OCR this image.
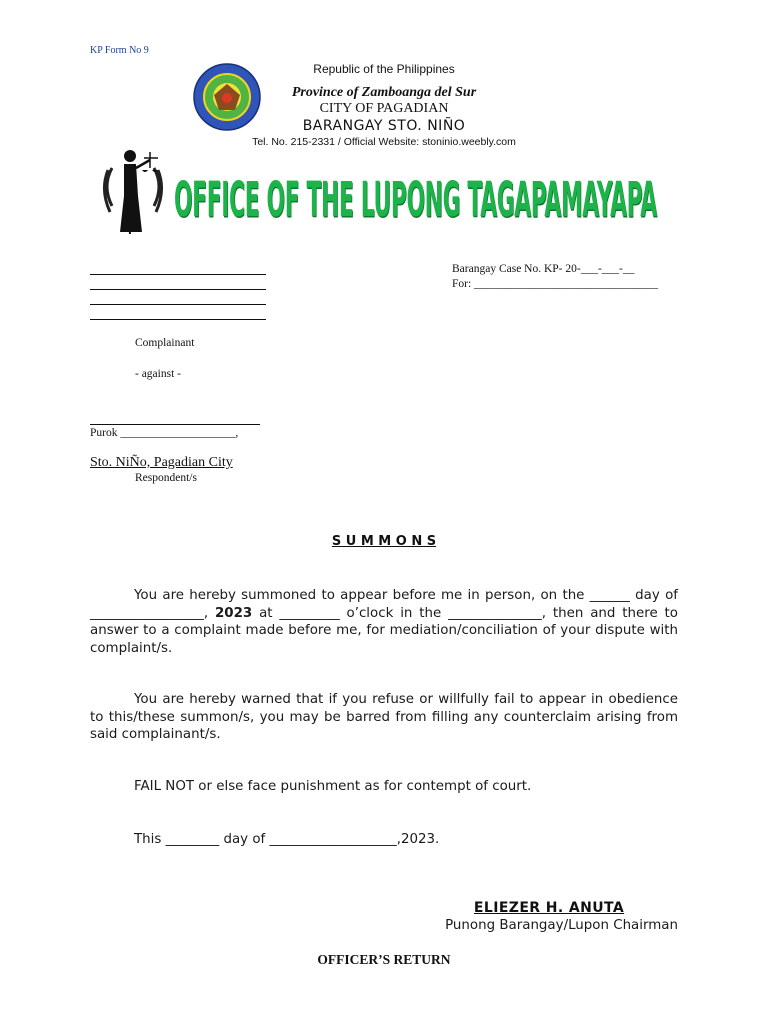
KP Form No 9
Republic of the Philippines
Province of Zamboanga del Sur
CITY OF PAGADIAN
BARANGAY STO. NIÑO
Tel. No. 215-2331 / Official Website: stoninio.weebly.com
OFFICE OF THE LUPONG TAGAPAMAYAPA
Barangay Case No. KP- 20-___-___-__
For: ________________________________
Complainant
- against -
Purok ____________________,
Sto. NiÑo, Pagadian City
Respondent/s
S U M M O N S

You are hereby summoned to appear before me in person, on the ______ day of _________________, 2023 at _________ o’clock in the ______________, then and there to answer to a complaint made before me, for mediation/conciliation of your dispute with complaint/s.

You are hereby warned that if you refuse or willfully fail to appear in obedience to this/these summon/s, you may be barred from filling any counterclaim arising from said complainant/s.

FAIL NOT or else face punishment as for contempt of court.

This ________ day of ___________________,2023.

ELIEZER H. ANUTA
Punong Barangay/Lupon Chairman
OFFICER’S RETURN
